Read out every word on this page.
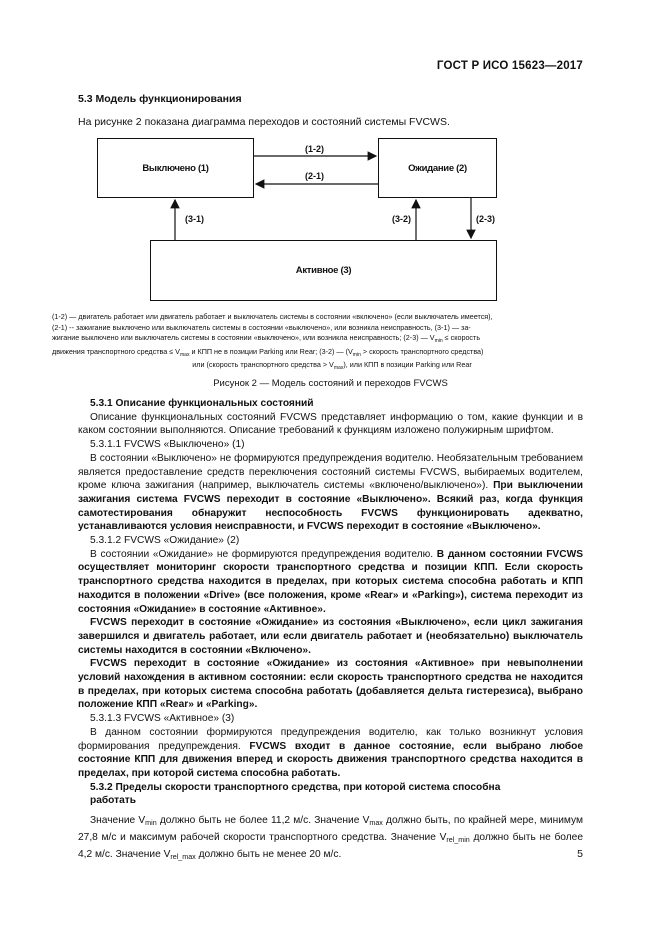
ГОСТ Р ИСО 15623—2017
5.3 Модель функционирования
На рисунке 2 показана диаграмма переходов и состояний системы FVCWS.
Выключено (1)	Ожидание (2)
Активное (3)
(1-2)
(2-1)
(3-1)	(3-2)	(2-3)
(1-2) — двигатель работает или двигатель работает и выключатель системы в состоянии «включено» (если выключатель имеется),
(2-1) -- зажигание выключено или выключатель системы в состоянии «выключено», или возникла неисправность, (3-1) — за-
жигание выключено или выключатель системы в состоянии «выключено», или возникла неисправность; (2-3) — $V_{min}$ ≤ скорость
движения транспортного средства ≤ $V_{max}$ и КПП не в позиции Parking или Rear; (3-2) — ($V_{min}$ > скорость транспортного средства)
или (скорость транспортного средства > $V_{max}$), или КПП в позиции Parking или Rear
Рисунок 2 — Модель состояний и переходов FVCWS

5.3.1 Описание функциональных состояний

Описание функциональных состояний FVCWS представляет информацию о том, какие функции и в каком состоянии выполняются. Описание требований к функциям изложено полужирным шрифтом.

5.3.1.1 FVCWS «Выключено» (1)

В состоянии «Выключено» не формируются предупреждения водителю. Необязательным требованием является предоставление средств переключения состояний системы FVCWS, выбираемых водителем, кроме ключа зажигания (например, выключатель системы «включено/выключено»). При выключении зажигания система FVCWS переходит в состояние «Выключено». Всякий раз, когда функция самотестирования обнаружит неспособность FVCWS функционировать адекватно, устанавливаются условия неисправности, и FVCWS переходит в состояние «Выключено».

5.3.1.2 FVCWS «Ожидание» (2)

В состоянии «Ожидание» не формируются предупреждения водителю. В данном состоянии FVCWS осуществляет мониторинг скорости транспортного средства и позиции КПП. Если скорость транспортного средства находится в пределах, при которых система способна работать и КПП находится в положении «Drive» (все положения, кроме «Rear» и «Parking»), система переходит из состояния «Ожидание» в состояние «Активное».

FVCWS переходит в состояние «Ожидание» из состояния «Выключено», если цикл зажигания завершился и двигатель работает, или если двигатель работает и (необязательно) выключатель системы находится в состоянии «Включено».

FVCWS переходит в состояние «Ожидание» из состояния «Активное» при невыполнении условий нахождения в активном состоянии: если скорость транспортного средства не находится в пределах, при которых система способна работать (добавляется дельта гистерезиса), выбрано положение КПП «Rear» и «Parking».

5.3.1.3 FVCWS «Активное» (3)

В данном состоянии формируются предупреждения водителю, как только возникнут условия формирования предупреждения. FVCWS входит в данное состояние, если выбрано любое состояние КПП для движения вперед и скорость движения транспортного средства находится в пределах, при которой система способна работать.

5.3.2 Пределы скорости транспортного средства, при которой система способна

работать

Значение $V_{min}$ должно быть не более 11,2 м/с. Значение $V_{max}$ должно быть, по крайней мере, минимум 27,8 м/с и максимум рабочей скорости транспортного средства. Значение $V_{rel\_min}$ должно быть не более 4,2 м/с. Значение $V_{rel\_max}$ должно быть не менее 20 м/с.	5
